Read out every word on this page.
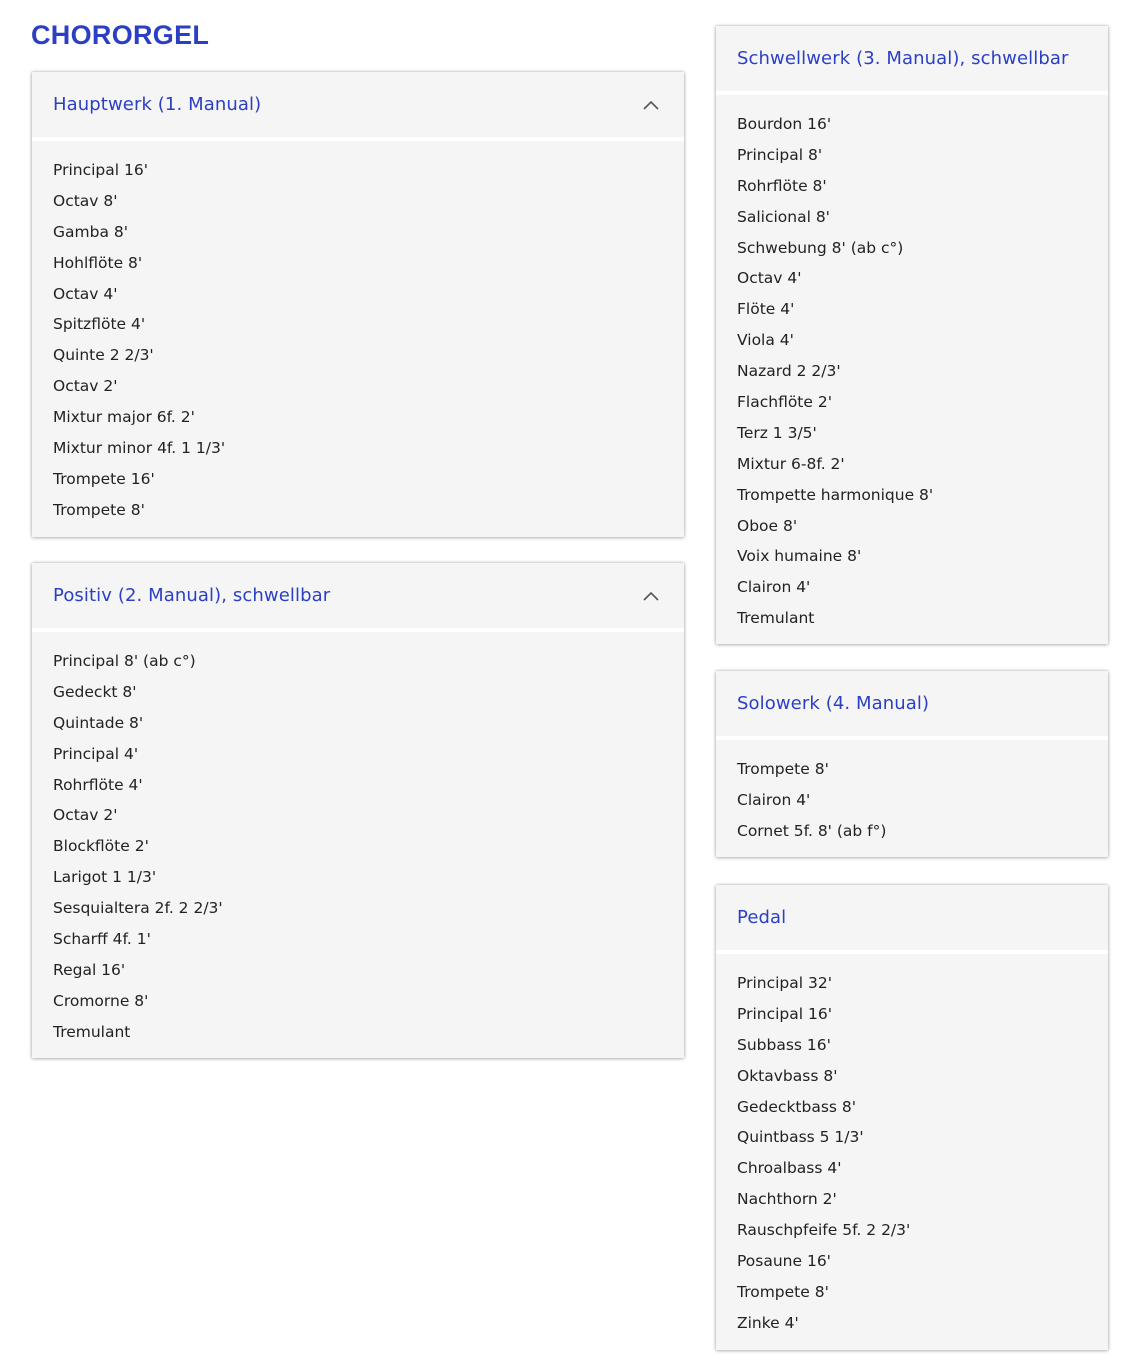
CHORORGEL
Hauptwerk (1. Manual)
Principal 16'
Octav 8'
Gamba 8'
Hohlflöte 8'
Octav 4'
Spitzflöte 4'
Quinte 2 2/3'
Octav 2'
Mixtur major 6f. 2'
Mixtur minor 4f. 1 1/3'
Trompete 16'
Trompete 8'
Positiv (2. Manual), schwellbar
Principal 8' (ab c°)
Gedeckt 8'
Quintade 8'
Principal 4'
Rohrflöte 4'
Octav 2'
Blockflöte 2'
Larigot 1 1/3'
Sesquialtera 2f. 2 2/3'
Scharff 4f. 1'
Regal 16'
Cromorne 8'
Tremulant
Schwellwerk (3. Manual), schwellbar
Bourdon 16'
Principal 8'
Rohrflöte 8'
Salicional 8'
Schwebung 8' (ab c°)
Octav 4'
Flöte 4'
Viola 4'
Nazard 2 2/3'
Flachflöte 2'
Terz 1 3/5'
Mixtur 6-8f. 2'
Trompette harmonique 8'
Oboe 8'
Voix humaine 8'
Clairon 4'
Tremulant
Solowerk (4. Manual)
Trompete 8'
Clairon 4'
Cornet 5f. 8' (ab f°)
Pedal
Principal 32'
Principal 16'
Subbass 16'
Oktavbass 8'
Gedecktbass 8'
Quintbass 5 1/3'
Chroalbass 4'
Nachthorn 2'
Rauschpfeife 5f. 2 2/3'
Posaune 16'
Trompete 8'
Zinke 4'
